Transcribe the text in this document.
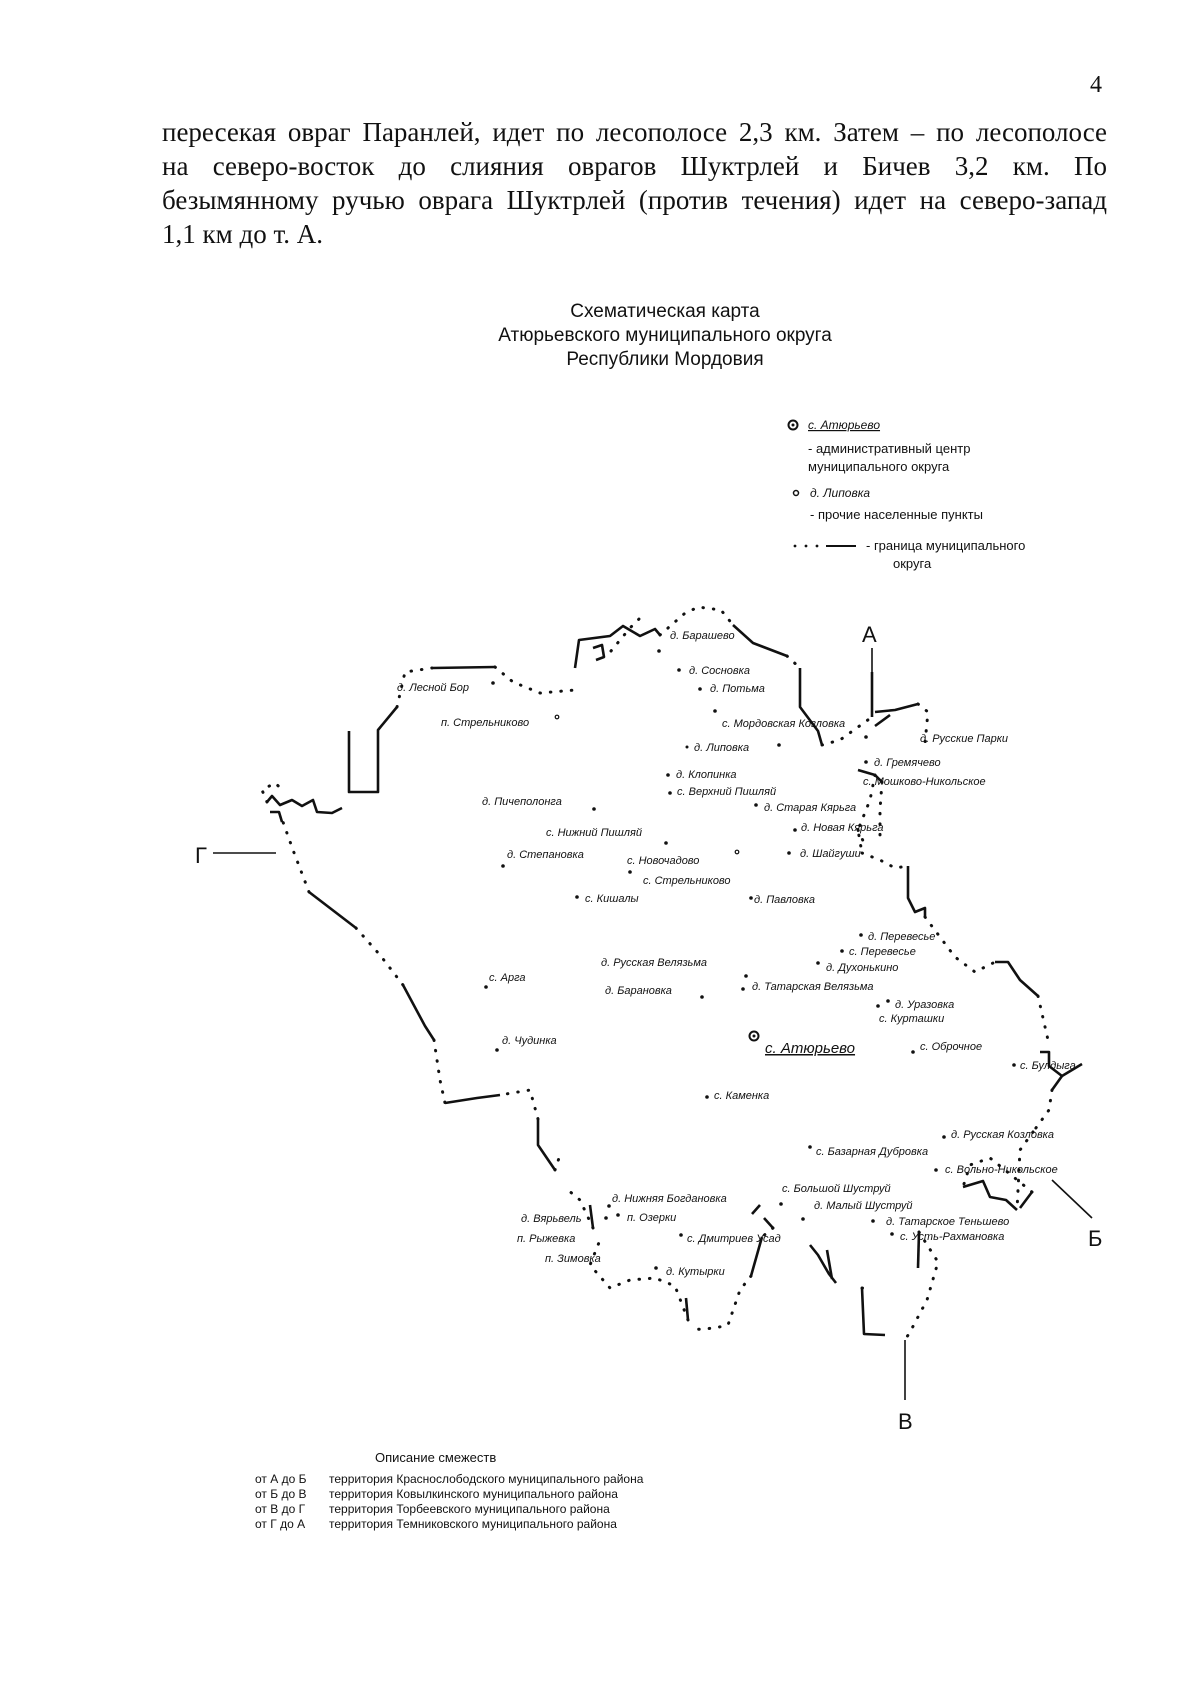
4
пересекая овраг Паранлей, идет по лесополосе 2,3 км. Затем – по лесополосе
на северо-восток до слияния оврагов Шуктрлей и Бичев 3,2 км. По
безымянному ручью оврага Шуктрлей (против течения) идет на северо-запад
1,1 км до т. А.
Схематическая карта
Атюрьевского муниципального округа
Республики Мордовия
с. Атюрьево
- административный центр
муниципального округа
д. Липовка
- прочие населенные пункты
- граница муниципального
округа
А
Б
В
Г
д. Барашево
д. Сосновка
д. Потьма
д. Лесной Бор
п. Стрельниково	с. Мордовская Козловка
д. Липовка
д. Русские Парки
д. Гремячево
с. Мошково-Никольское
д. Клопинка
с. Верхний Пишляй
д. Старая Кярьга
д. Пичеполонга
д. Новая Кярьга
с. Нижний Пишляй
д. Шайгуши
д. Степановка	с. Новочадово
с. Стрельниково
с. Кишалы	д. Павловка
д. Перевесье
с. Перевесье
д. Духонькино
д. Русская Велязьма
с. Арга
д. Барановка	д. Татарская Велязьма
д. Уразовка
с. Курташки
д. Чудинка	с. Атюрьево	с. Оброчное
с. Булдыга
с. Каменка
д. Русская Козловка
с. Базарная Дубровка
с. Вольно-Никольское
с. Большой Шуструй
д. Нижняя Богдановка
д. Малый Шуструй
д. Вярьвель	п. Озерки	д. Татарское Теньшево
п. Рыжевка	с. Дмитриев Усад	с. Усть-Рахмановка
п. Зимовка
д. Кутырки
Описание смежеств
от А до Б	территория Краснослободского муниципального района
от Б до В	территория Ковылкинского муниципального района
от В до Г	территория Торбеевского муниципального района
от Г до А	территория Темниковского муниципального района
